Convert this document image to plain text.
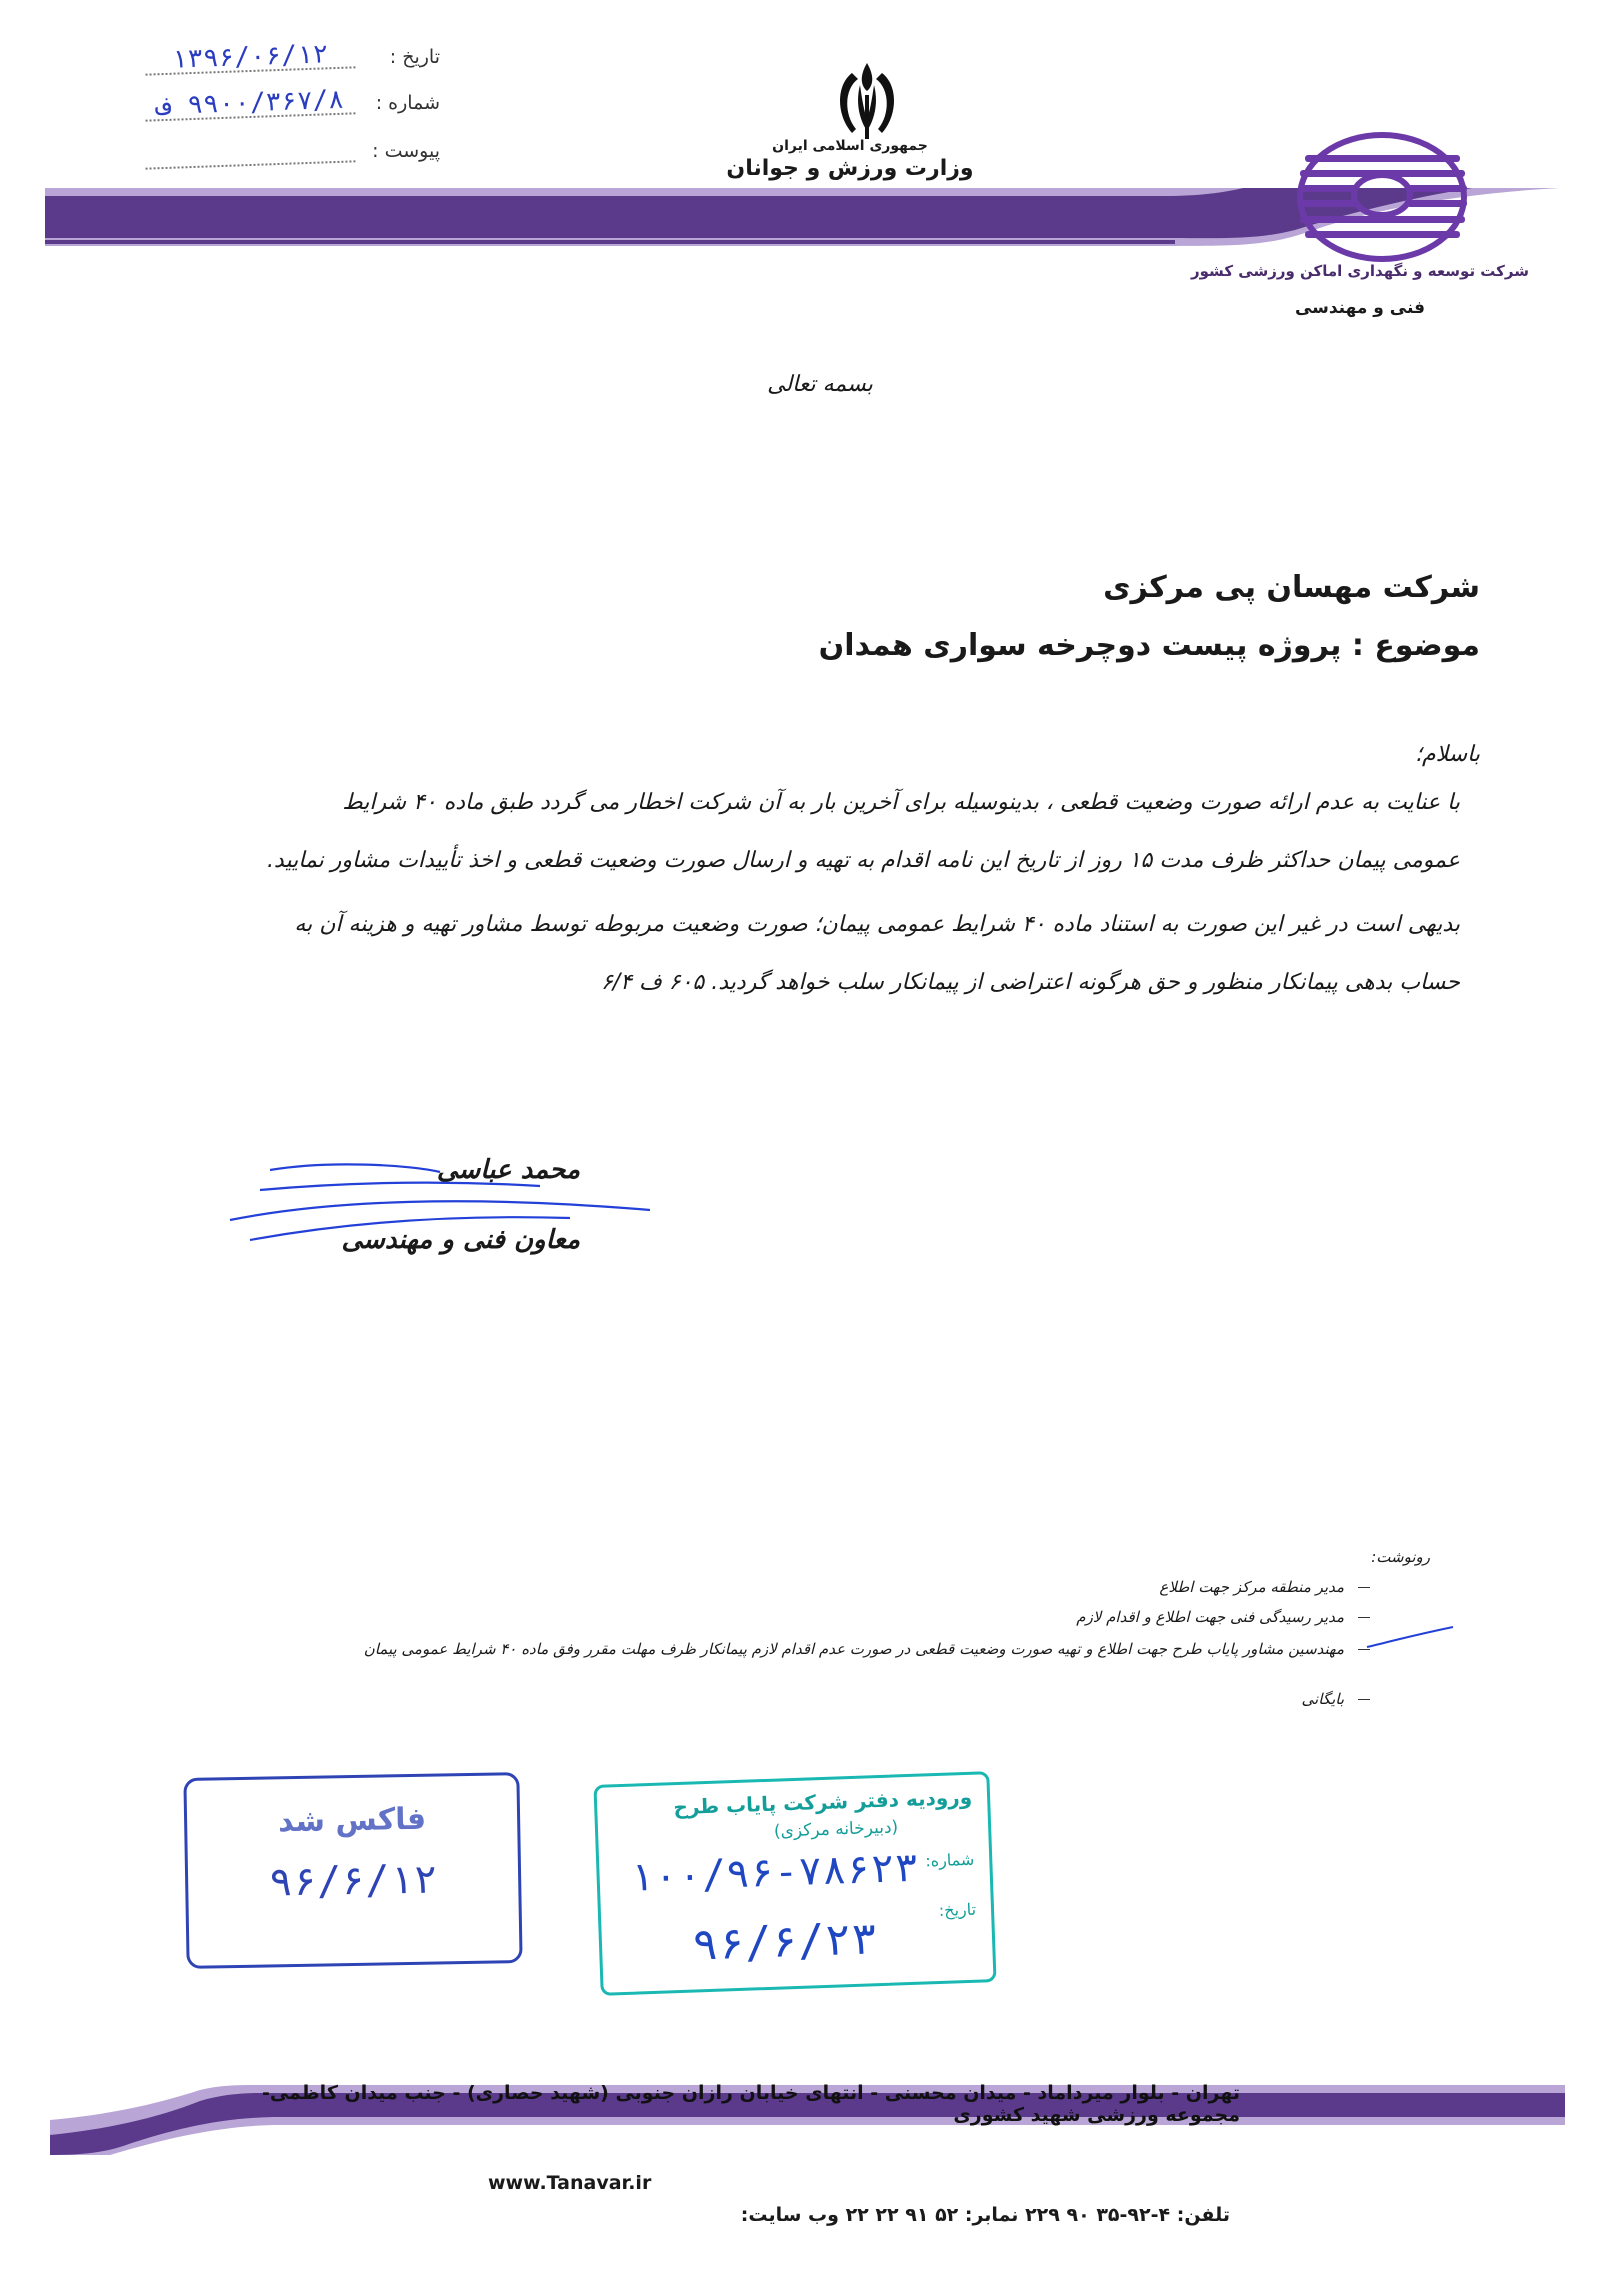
تاریخ :
۱۳۹۶/۰۶/۱۲
شماره :
۹۹۰۰/۳۶۷/۸ ف
پیوست :	جمهوری اسلامی ایران
وزارت ورزش و جوانان
شرکت توسعه و نگهداری اماکن ورزشی کشور
فنی و مهندسی
بسمه تعالی
شرکت مهسان پی مرکزی
موضوع : پروژه پیست دوچرخه سواری همدان
باسلام؛
با عنایت به عدم ارائه صورت وضعیت قطعی ، بدینوسیله برای آخرین بار به آن شرکت اخطار می گردد طبق ماده ۴۰ شرایط
عمومی پیمان حداکثر ظرف مدت ۱۵ روز از تاریخ این نامه اقدام به تهیه و ارسال صورت وضعیت قطعی و اخذ تأییدات مشاور نمایید.
بدیهی است در غیر این صورت به استناد ماده ۴۰ شرایط عمومی پیمان؛ صورت وضعیت مربوطه توسط مشاور تهیه و هزینه آن به
حساب بدهی پیمانکار منظور و حق هرگونه اعتراضی از پیمانکار سلب خواهد گردید. ۶۰۵ ف ۶/۴
محمد عباسی
معاون فنی و مهندسی
رونوشت:
مدیر منطقه مرکز جهت اطلاع
مدیر رسیدگی فنی جهت اطلاع و اقدام لازم
مهندسین مشاور پایاب طرح جهت اطلاع و تهیه صورت وضعیت قطعی در صورت عدم اقدام لازم پیمانکار ظرف مهلت مقرر وفق ماده ۴۰ شرایط عمومی پیمان
بایگانی
فاکس شد
۹۶/۶/۱۲
ورودیه دفتر شرکت پایاب طرح
(دبیرخانه مرکزی)
شماره:
۱۰۰/۹۶-۷۸۶۲۳
تاریخ:
۹۶/۶/۲۳
تهران - بلوار میرداماد - میدان محسنی - انتهای خیابان رازان جنوبی (شهید حصاری) - جنب میدان کاظمی-مجموعه ورزشی شهید کشوری
تلفن: ۴-۹۲-۳۵ ۹۰ ۲۲۹ نمابر: ۵۲ ۹۱ ۲۲ ۲۲ وب سایت:
www.Tanavar.ir
